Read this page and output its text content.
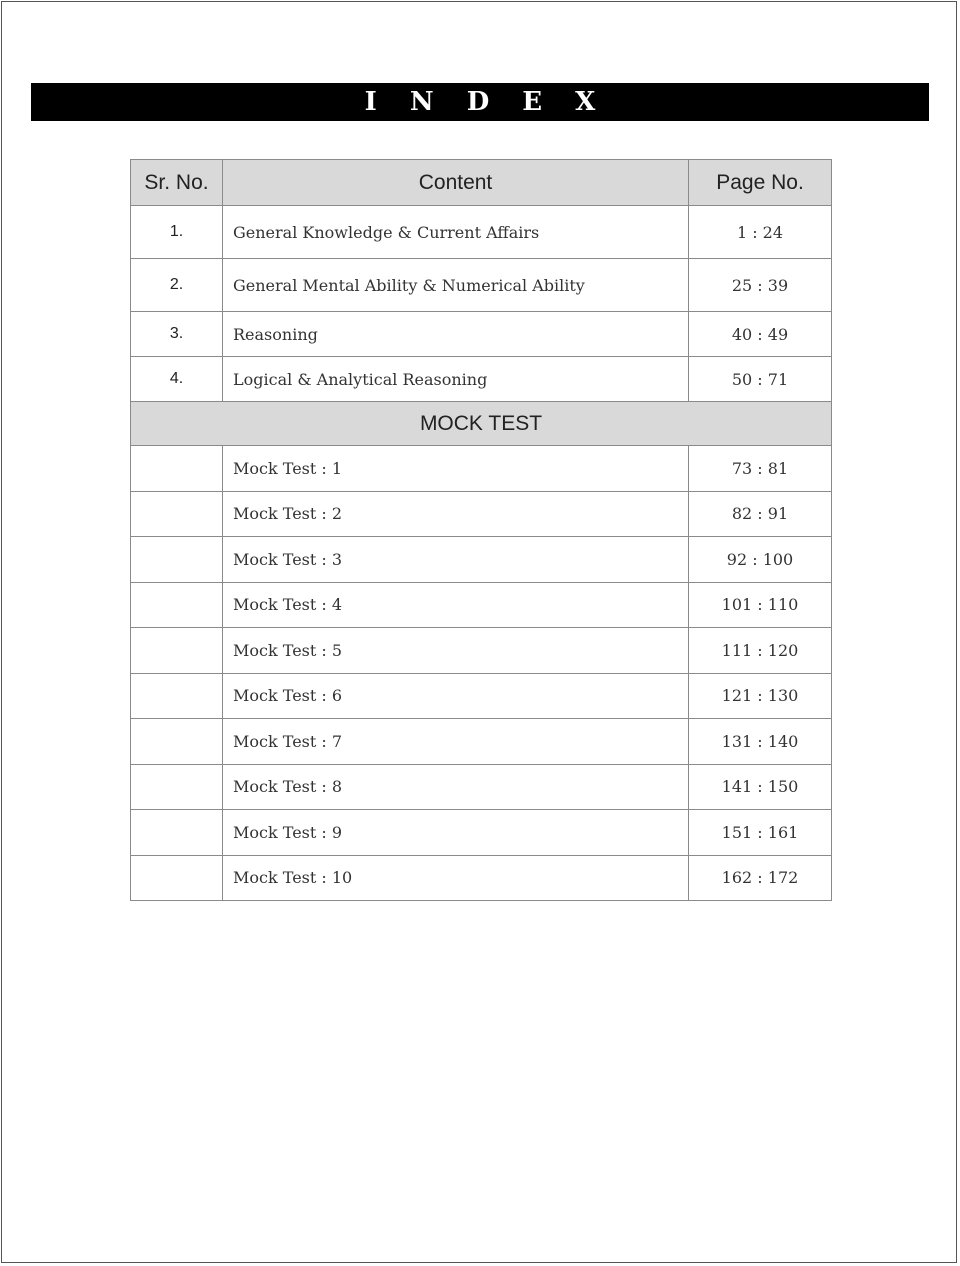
I N D E X
Sr. No.	Content	Page No.
1.	General Knowledge & Current Affairs	1 : 24
2.	General Mental Ability & Numerical Ability	25 : 39
3.	Reasoning	40 : 49
4.	Logical & Analytical Reasoning	50 : 71
MOCK TEST		
	Mock Test : 1	73 : 81
	Mock Test : 2	82 : 91
	Mock Test : 3	92 : 100
	Mock Test : 4	101 : 110
	Mock Test : 5	111 : 120
	Mock Test : 6	121 : 130
	Mock Test : 7	131 : 140
	Mock Test : 8	141 : 150
	Mock Test : 9	151 : 161
	Mock Test : 10	162 : 172
